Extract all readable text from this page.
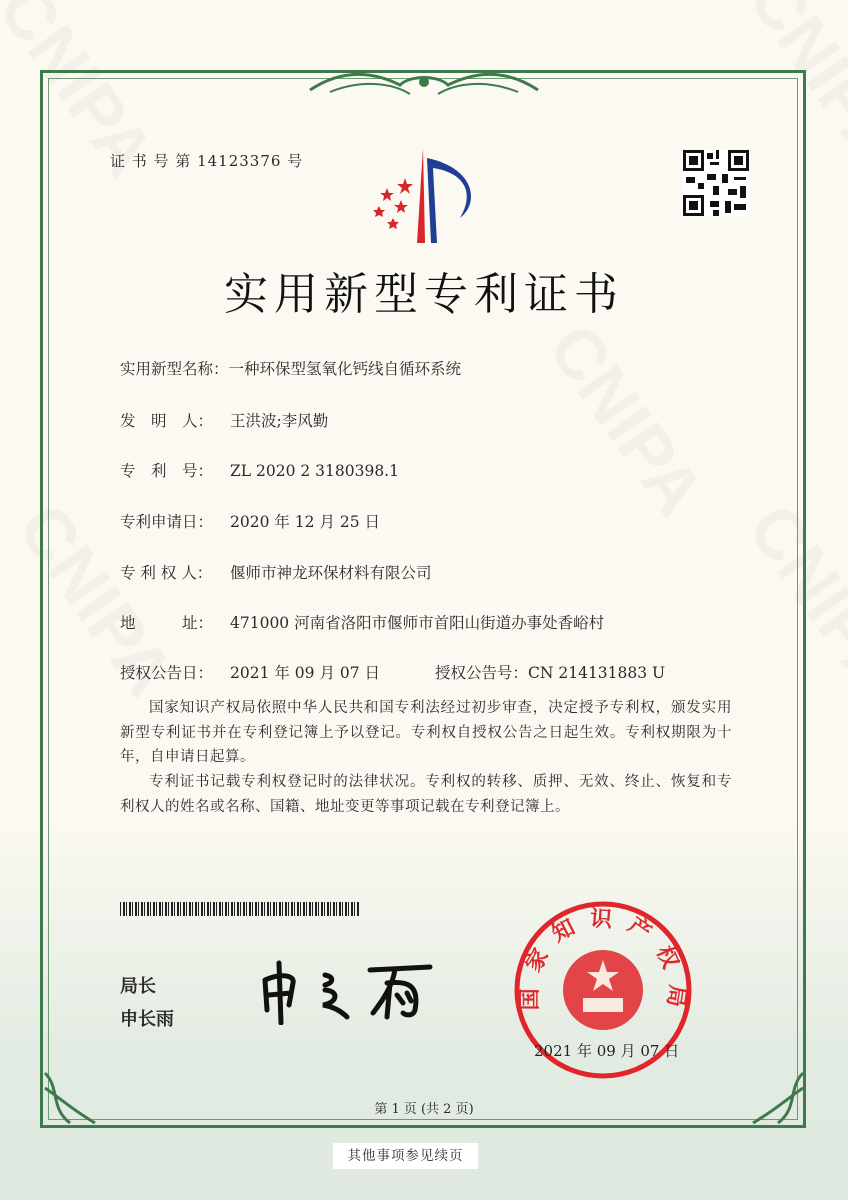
证 书 号 第 14123376 号
实用新型专利证书
实用新型名称：一种环保型氢氧化钙线自循环系统
发　明　人： 王洪波;李风勤
专　利　号： ZL 2020 2 3180398.1
专利申请日： 2020 年 12 月 25 日
专 利 权 人： 偃师市神龙环保材料有限公司
地　　　址： 471000 河南省洛阳市偃师市首阳山街道办事处香峪村
授权公告日： 2021 年 09 月 07 日	授权公告号：CN 214131883 U
国家知识产权局依照中华人民共和国专利法经过初步审查，决定授予专利权，颁发实用新型专利证书并在专利登记簿上予以登记。专利权自授权公告之日起生效。专利权期限为十年，自申请日起算。
专利证书记载专利权登记时的法律状况。专利权的转移、质押、无效、终止、恢复和专利权人的姓名或名称、国籍、地址变更等事项记载在专利登记簿上。
局长
申长雨
国家知识产权局
2021 年 09 月 07 日
第 1 页 (共 2 页)
其他事项参见续页
